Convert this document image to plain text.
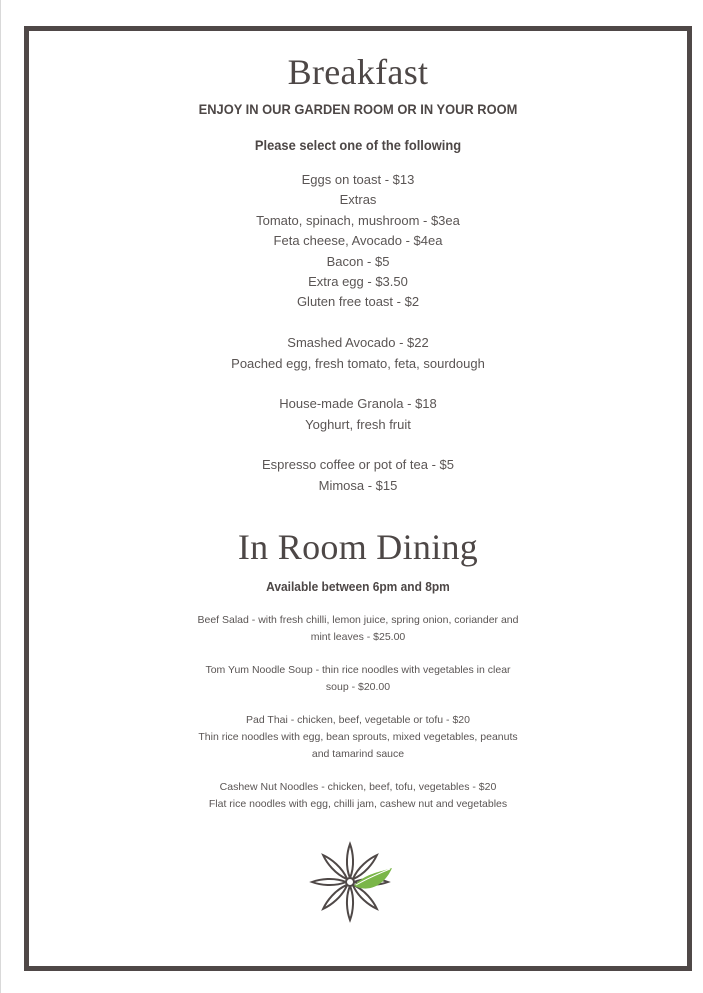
Breakfast
ENJOY IN OUR GARDEN ROOM OR IN YOUR ROOM
Please select one of the following
Eggs on toast - $13
Extras
Tomato, spinach, mushroom - $3ea
Feta cheese, Avocado - $4ea
Bacon - $5
Extra egg - $3.50
Gluten free toast - $2
Smashed Avocado - $22
Poached egg, fresh tomato, feta, sourdough
House-made Granola - $18
Yoghurt, fresh fruit
Espresso coffee or pot of tea - $5
Mimosa - $15
In Room Dining
Available between 6pm and 8pm
Beef Salad - with fresh chilli, lemon juice, spring onion, coriander and
mint leaves - $25.00
Tom Yum Noodle Soup - thin rice noodles with vegetables in clear
soup - $20.00
Pad Thai - chicken, beef, vegetable or tofu - $20
Thin rice noodles with egg, bean sprouts, mixed vegetables, peanuts
and tamarind sauce
Cashew Nut Noodles - chicken, beef, tofu, vegetables - $20
Flat rice noodles with egg, chilli jam, cashew nut and vegetables
